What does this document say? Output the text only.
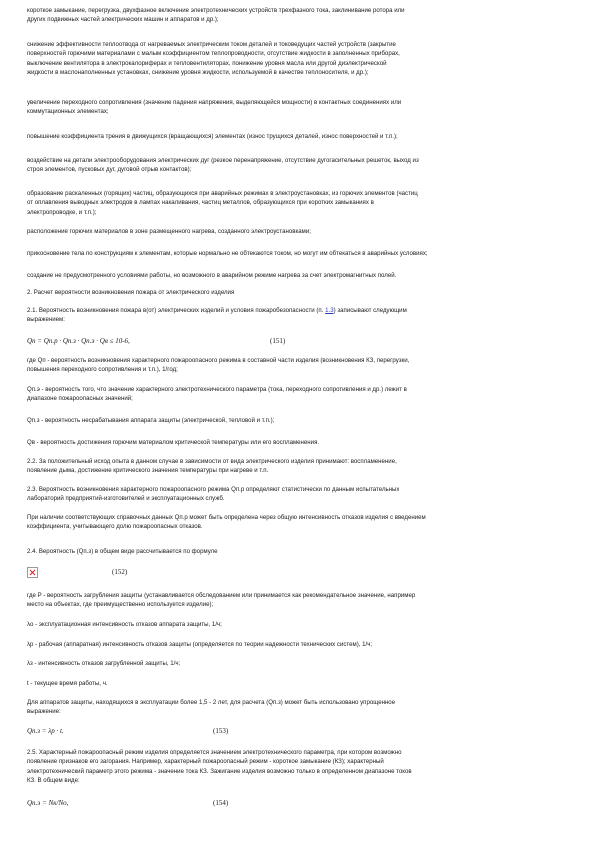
короткое замыкание, перегрузка, двухфазное включение электротехнических устройств трехфазного тока, заклинивание ротора или
других подвижных частей электрических машин и аппаратов и др.);

снижение эффективности теплоотвода от нагреваемых электрическим током деталей и токоведущих частей устройств (закрытие
поверхностей горючими материалами с малым коэффициентом теплопроводности, отсутствие жидкости в заполненных приборах,
выключение вентилятора в электрокалориферах и тепловентиляторах, понижение уровня масла или другой диэлектрической
жидкости в маслонаполненных установках, снижение уровня жидкости, используемой в качестве теплоносителя, и др.);

увеличение переходного сопротивления (значение падения напряжения, выделяющейся мощности) в контактных соединениях или
коммутационных элементах;

повышение коэффициента трения в движущихся (вращающихся) элементах (износ трущихся деталей, износ поверхностей и т.п.);

воздействие на детали электрооборудования электрических дуг (резкое перенапряжение, отсутствие дугогасительных решеток, выход из
строя элементов, пусковых дуг, дуговой отрыв контактов);

образование раскаленных (горящих) частиц, образующихся при аварийных режимах в электроустановках, из горючих элементов (частиц
от оплавления выводных электродов в лампах накаливания, частиц металлов, образующихся при коротких замыканиях в
электропроводке, и т.п.);

расположение горючих материалов в зоне размещенного нагрева, созданного электроустановками;

прикосновение тела по конструкциям к элементам, которые нормально не обтекаются током, но могут им обтекаться в аварийных условиях;

создание не предусмотренного условиями работы, но возможного в аварийном режиме нагрева за счет электромагнитных полей.

2. Расчет вероятности возникновения пожара от электрического изделия

2.1. Вероятность возникновения пожара в(от) электрических изделий и условия пожаробезопасности (п. 1.3) записывают следующим
выражением:

Qп = Qп.р · Qп.з · Qп.э · Qв ≤ 10-6,	(151)

где Qп - вероятность возникновения характерного пожароопасного режима в составной части изделия (возникновения КЗ, перегрузки,
повышения переходного сопротивления и т.п.), 1/год;

Qп.э - вероятность того, что значение характерного электротехнического параметра (тока, переходного сопротивления и др.) лежит в
диапазоне пожароопасных значений;

Qп.з - вероятность несрабатывания аппарата защиты (электрической, тепловой и т.п.);

Qв - вероятность достижения горючим материалом критической температуры или его воспламенения.

2.2. За положительный исход опыта в данном случае в зависимости от вида электрического изделия принимают: воспламенение,
появление дыма, достижение критического значения температуры при нагреве и т.п.

2.3. Вероятность возникновения характерного пожароопасного режима Qп.р определяют статистически по данным испытательных
лабораторий предприятий-изготовителей и эксплуатационных служб.

При наличии соответствующих справочных данных Qп.р может быть определена через общую интенсивность отказов изделия с введением
коэффициента, учитывающего долю пожароопасных отказов.

2.4. Вероятность (Qп.з) в общем виде рассчитывается по формуле

(152)

где P - вероятность загрубления защиты (устанавливается обследованием или принимается как рекомендательное значение, например
место на объектах, где преимущественно используется изделие);

λо - эксплуатационная интенсивность отказов аппарата защиты, 1/ч;

λр - рабочая (аппаратная) интенсивность отказов защиты (определяется по теории надежности технических систем), 1/ч;

λз - интенсивность отказов загрубленной защиты, 1/ч;

t - текущее время работы, ч.

Для аппаратов защиты, находящихся в эксплуатации более 1,5 - 2 лет, для расчета (Qп.з) может быть использовано упрощенное
выражение:

Qп.з = λр · t.	(153)

2.5. Характерный пожароопасный режим изделия определяется значением электротехнического параметра, при котором возможно
появление признаков его загорания. Например, характерный пожароопасный режим - короткое замыкание (КЗ); характерный
электротехнический параметр этого режима - значение тока КЗ. Зажигание изделия возможно только в определенном диапазоне токов
КЗ. В общем виде:

Qп.э = Nк/Nо,	(154)
